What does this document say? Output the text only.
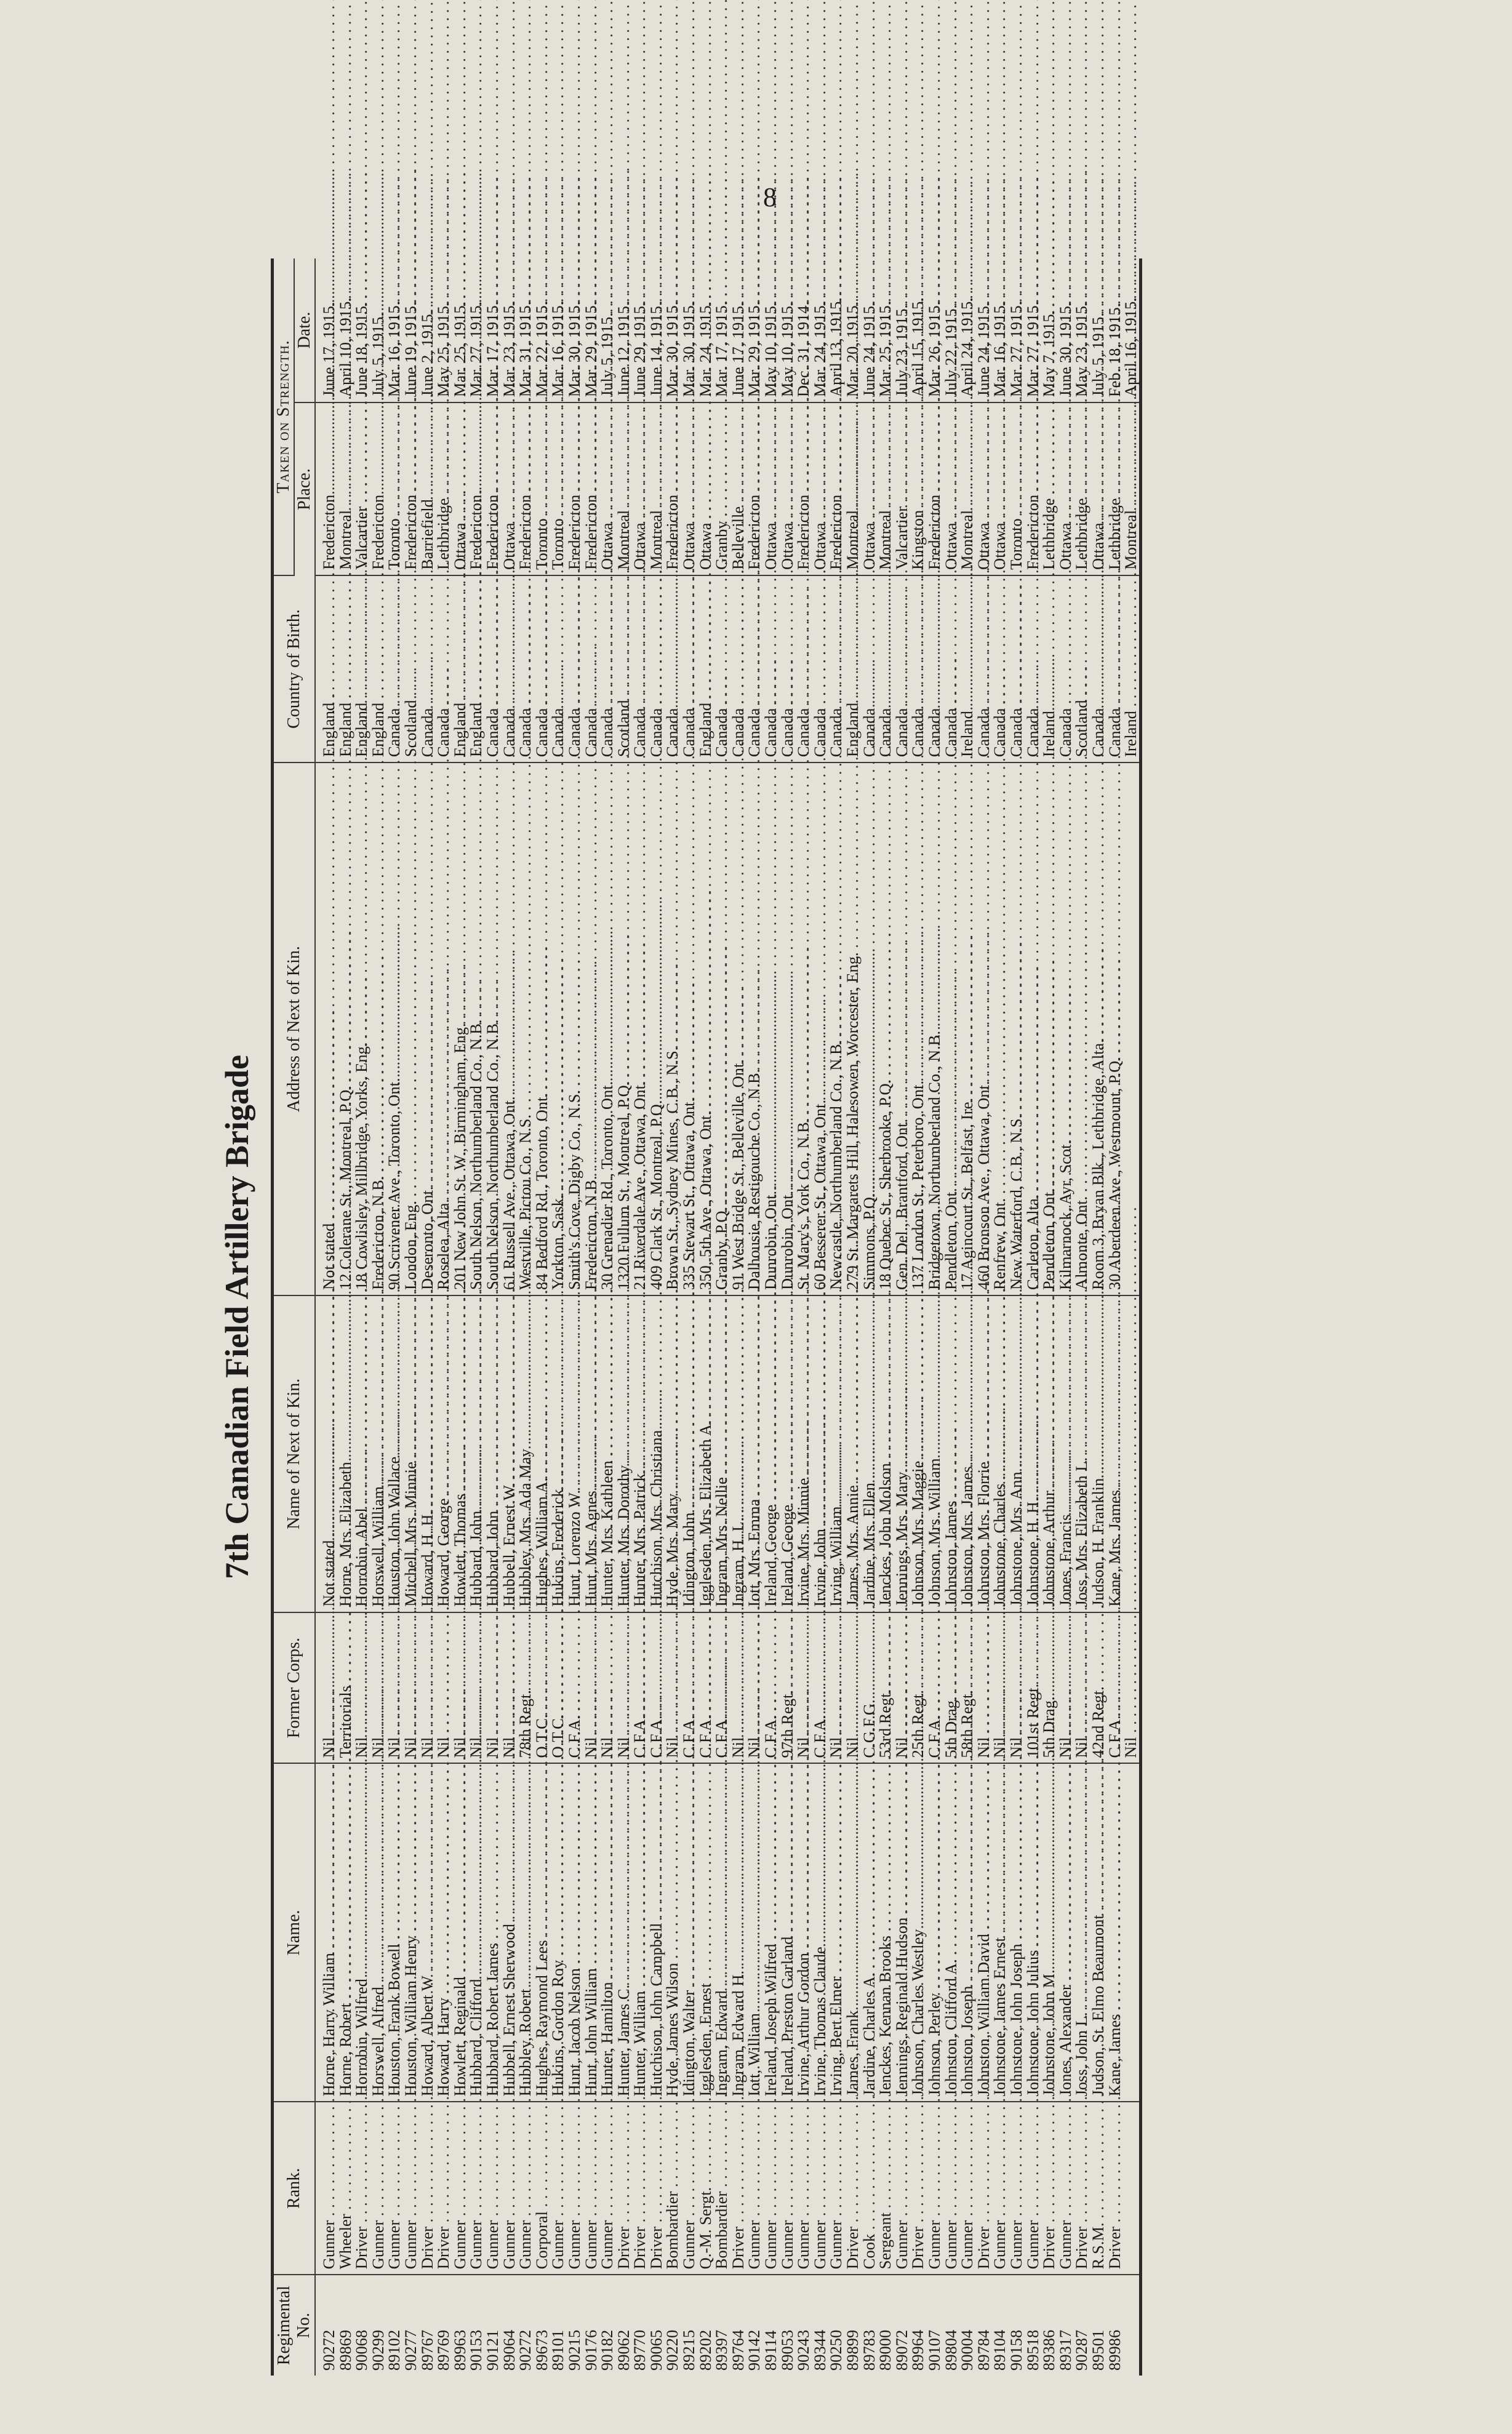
8
7th Canadian Field Artillery Brigade
Regimental No.	Rank.	Name.	Former Corps.	Name of Next of Kin.	Address of Next of Kin.	Country of Birth.	Taken on Strength.	
							Place.	Date.
90272	Gunner . . .	Horne, Harry William . . .	Nil . . .	Not stated . . .	Not stated . . .	England . . .	Fredericton . . .	June 17, 1915.
89869	Wheeler . . .	Horne, Robert . . .	Territorials . . .	Horne, Mrs. Elizabeth . . .	12 Colerane St., Montreal, P.Q. . . .	England . . .	Montreal . . .	April 10, 1915.
90068	Driver . . .	Horrobin, Wilfred . . .	Nil . . .	Horrobin, Abel . . .	18 Cowlisley, Millbridge, Yorks, Eng. . . .	England . . .	Valcartier . . .	June 18, 1915.
90299	Gunner . . .	Horswell, Alfred . . .	Nil . . .	Horswell, William . . .	Fredericton, N.B. . . .	England . . .	Fredericton . . .	July 5, 1915.
89102	Gunner . . .	Houston, Frank Bowell . . .	Nil . . .	Houston, John Wallace . . .	90 Scrivener Ave., Toronto, Ont. . . .	Canada . . .	Toronto . . .	Mar. 16, 1915.
90277	Gunner . . .	Houston, William Henry . . .	Nil . . .	Mitchell, Mrs. Minnie . . .	London, Eng. . . .	Scotland . . .	Fredericton . . .	June 19, 1915.
89767	Driver . . .	Howard, Albert W . . .	Nil . . .	Howard, H. H. . . .	Deseronto, Ont. . . .	Canada . . .	Barriefield . . .	June 2, 1915.
89769	Driver . . .	Howard, Harry . . .	Nil . . .	Howard, George . . .	Roselea, Alta. . . .	Canada . . .	Lethbridge . . .	May 25, 1915.
89963	Gunner . . .	Howlett, Reginald . . .	Nil . . .	Howlett, Thomas . . .	201 New John St. W., Birmingham, Eng. . . .	England . . .	Ottawa . . .	Mar. 25, 1915.
90153	Gunner . . .	Hubbard, Clifford . . .	Nil . . .	Hubbard, John . . .	South Nelson, Northumberland Co., N.B. . . .	England . . .	Fredericton . . .	Mar. 27, 1915.
90121	Gunner . . .	Hubbard, Robert James . . .	Nil . . .	Hubbard, John . . .	South Nelson, Northumberland Co., N.B. . . .	Canada . . .	Fredericton . . .	Mar. 17, 1915.
89064	Gunner . . .	Hubbell, Ernest Sherwood . . .	Nil . . .	Hubbell, Ernest W. . . .	61 Russell Ave., Ottawa, Ont. . . .	Canada . . .	Ottawa . . .	Mar. 23, 1915.
90272	Gunner . . .	Hubbley, Robert . . .	78th Regt. . . .	Hubbley, Mrs. Ada May . . .	Westville, Pictou Co., N.S. . . .	Canada . . .	Fredericton . . .	Mar. 31, 1915.
89673	Corporal . . .	Hughes, Raymond Lees . . .	O.T.C. . . .	Hughes, William A. . . .	84 Bedford Rd., Toronto, Ont. . . .	Canada . . .	Toronto . . .	Mar. 22, 1915.
89101	Gunner . . .	Hukins, Gordon Roy . . .	O.T.C. . . .	Hukins, Frederick . . .	Yorkton, Sask. . . .	Canada . . .	Toronto . . .	Mar. 16, 1915.
90215	Gunner . . .	Hunt, Jacob Nelson . . .	C.F.A. . . .	Hunt, Lorenzo W. . . .	Smith's Cove, Digby Co., N.S. . . .	Canada . . .	Fredericton . . .	Mar. 30, 1915.
90176	Gunner . . .	Hunt, John William . . .	Nil . . .	Hunt, Mrs. Agnes . . .	Fredericton, N.B. . . .	Canada . . .	Fredericton . . .	Mar. 29, 1915.
90182	Gunner . . .	Hunter, Hamilton . . .	Nil . . .	Hunter, Mrs. Kathleen . . .	30 Grenadier Rd., Toronto, Ont. . . .	Canada . . .	Ottawa . . .	July 5, 1915.
89062	Driver . . .	Hunter, James C. . . .	Nil . . .	Hunter, Mrs. Dorothy . . .	1320 Fullum St., Montreal, P.Q. . . .	Scotland . . .	Montreal . . .	June 12, 1915.
89770	Driver . . .	Hunter, William . . .	C.F.A. . . .	Hunter, Mrs. Patrick . . .	21 Riverdale Ave., Ottawa, Ont. . . .	Canada . . .	Ottawa . . .	June 29, 1915.
90065	Driver . . .	Hutchison, John Campbell . . .	C.F.A. . . .	Hutchison, Mrs. Christiana . . .	409 Clark St., Montreal, P.Q. . . .	Canada . . .	Montreal . . .	June 14, 1915.
90220	Bombardier . . .	Hyde, James Wilson . . .	Nil . . .	Hyde, Mrs. Mary . . .	Brown St., Sydney Mines, C.B., N.S. . . .	Canada . . .	Fredericton . . .	Mar. 30, 1915.
89215	Gunner . . .	Idington, Walter . . .	C.F.A. . . .	Idington, John . . .	335 Stewart St., Ottawa, Ont. . . .	Canada . . .	Ottawa . . .	Mar. 30, 1915.
89202	Q.-M. Sergt. . . .	Igglesden, Ernest . . .	C.F.A. . . .	Igglesden, Mrs. Elizabeth A. . . .	350, 5th Ave., Ottawa, Ont. . . .	England . . .	Ottawa . . .	Mar. 24, 1915.
89397	Bombardier . . .	Ingram, Edward . . .	C.F.A. . . .	Ingram, Mrs. Nellie . . .	Granby, P.Q. . . .	Canada . . .	Granby . . .	Mar. 17, 1915.
89764	Driver . . .	Ingram, Edward H. . . .	Nil . . .	Ingram, H. L. . . .	91 West Bridge St., Belleville, Ont. . . .	Canada . . .	Belleville . . .	June 17, 1915.
90142	Gunner . . .	Iott, William . . .	Nil . . .	Iott, Mrs. Emma . . .	Dalhousie, Restigouche Co., N.B. . . .	Canada . . .	Fredericton . . .	Mar. 29, 1915.
89114	Gunner . . .	Ireland, Joseph Wilfred . . .	C.F.A. . . .	Ireland, George . . .	Dunrobin, Ont. . . .	Canada . . .	Ottawa . . .	May 10, 1915.
89053	Gunner . . .	Ireland, Preston Garland . . .	97th Regt. . . .	Ireland, George . . .	Dunrobin, Ont. . . .	Canada . . .	Ottawa . . .	May 10, 1915.
90243	Gunner . . .	Irvine, Arthur Gordon . . .	Nil . . .	Irvine, Mrs. Minnie . . .	St. Mary's, York Co., N.B. . . .	Canada . . .	Fredericton . . .	Dec. 31, 1914.
89344	Gunner . . .	Irvine, Thomas Claude . . .	C.F.A. . . .	Irvine, John . . .	60 Besserer St., Ottawa, Ont. . . .	Canada . . .	Ottawa . . .	Mar. 24, 1915.
90250	Gunner . . .	Irving, Bert Elmer . . .	Nil . . .	Irving, William . . .	Newcastle, Northumberland Co., N.B. . . .	Canada . . .	Fredericton . . .	April 13, 1915.
89899	Driver . . .	James, Frank . . .	Nil . . .	James, Mrs. Annie . . .	279 St. Margarets Hill, Halesowen, Worcester, Eng. . . .	England . . .	Montreal . . .	Mar. 20, 1915.
89783	Cook . . .	Jardine, Charles A. . . .	C.G.F.G. . . .	Jardine, Mrs. Ellen . . .	Simmons, P.Q. . . .	Canada . . .	Ottawa . . .	June 24, 1915.
89000	Sergeant . . .	Jenckes, Kennan Brooks . . .	53rd Regt. . . .	Jenckes, John Molson . . .	18 Quebec St., Sherbrooke, P.Q. . . .	Canada . . .	Montreal . . .	Mar. 25, 1915.
89072	Gunner . . .	Jennings, Reginald Hudson . . .	Nil . . .	Jennings, Mrs. Mary . . .	Gen. Del., Brantford, Ont. . . .	Canada . . .	Valcartier . . .	July 23, 1915.
89964	Driver . . .	Johnson, Charles Westley . . .	25th Regt. . . .	Johnson, Mrs. Maggie . . .	137 London St., Peterboro, Ont. . . .	Canada . . .	Kingston . . .	April 15, 1915.
90107	Gunner . . .	Johnson, Perley . . .	C.F.A. . . .	Johnson, Mrs. William . . .	Bridgetown, Northumberland Co., N.B. . . .	Canada . . .	Fredericton . . .	Mar. 26, 1915.
89804	Gunner . . .	Johnston, Clifford A. . . .	5th Drag. . . .	Johnston, James . . .	Pendleton, Ont. . . .	Canada . . .	Ottawa . . .	July 22, 1915.
90004	Gunner . . .	Johnston, Joseph . . .	58th Regt. . . .	Johnston, Mrs. James . . .	17 Agincourt St., Belfast, Ire. . . .	Ireland . . .	Montreal . . .	April 24, 1915.
89784	Driver . . .	Johnston, William David . . .	Nil . . .	Johnston, Mrs. Florrie . . .	460 Bronson Ave., Ottawa, Ont. . . .	Canada . . .	Ottawa . . .	June 24, 1915.
89104	Gunner . . .	Johnstone, James Ernest . . .	Nil . . .	Johnstone, Charles . . .	Renfrew, Ont. . . .	Canada . . .	Ottawa . . .	Mar. 16, 1915.
90158	Gunner . . .	Johnstone, John Joseph . . .	Nil . . .	Johnstone, Mrs. Ann . . .	New Waterford, C.B., N.S. . . .	Canada . . .	Toronto . . .	Mar. 27, 1915.
89518	Gunner . . .	Johnstone, John Julius . . .	101st Regt. . . .	Johnstone, H. H. . . .	Carleton, Alta. . . .	Canada . . .	Fredericton . . .	Mar. 27, 1915.
89386	Driver . . .	Johnstone, John M. . . .	5th Drag. . . .	Johnstone, Arthur . . .	Pendleton, Ont. . . .	Ireland . . .	Lethbridge . . .	May 7, 1915.
89317	Gunner . . .	Jones, Alexander . . .	Nil . . .	Jones, Francis . . .	Kilmarnock, Ayr, Scot. . . .	Canada . . .	Ottawa . . .	June 30, 1915.
90287	Driver . . .	Joss, John L. . . .	Nil . . .	Joss, Mrs. Elizabeth L. . . .	Almonte, Ont. . . .	Scotland . . .	Lethbridge . . .	May 23, 1915.
89501	R.S.M. . . .	Judson, St. Elmo Beaumont . . .	42nd Regt. . . .	Judson, H. Franklin . . .	Room 3, Bryan Blk., Lethbridge, Alta. . . .	Canada . . .	Ottawa . . .	July 5, 1915.
89986	Driver . . .	Kane, James . . .	C.F.A. . . .	Kane, Mrs. James . . .	30 Aberdeen Ave., Westmount, P.Q. . . .	Canada . . .	Lethbridge . . .	Feb. 18, 1915.
			Nil . . .			Ireland . . .	Montreal . . .	April 16, 1915.
